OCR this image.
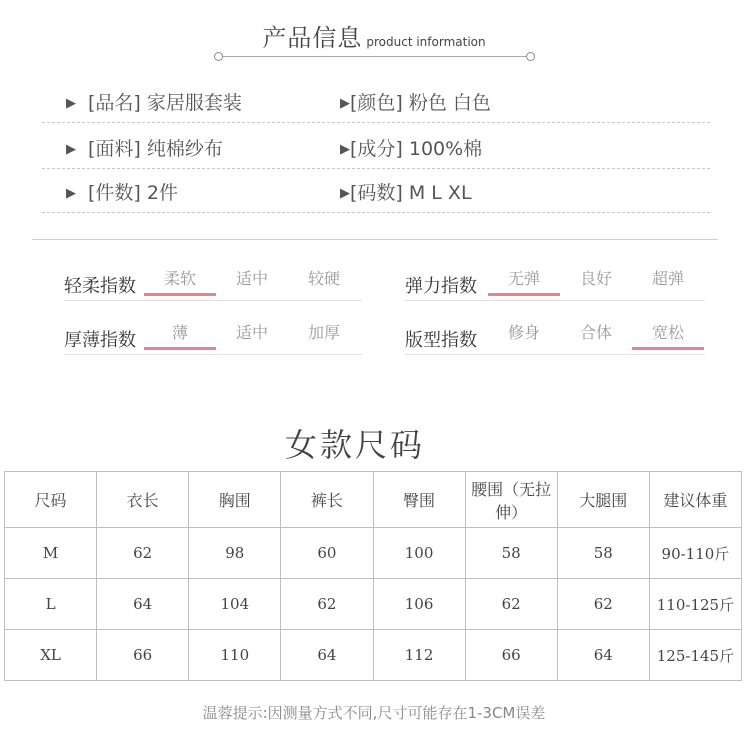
产品信息 product information
▶ [品名] 家居服套装	▶[颜色] 粉色 白色
▶ [面料] 纯棉纱布	▶[成分] 100%棉
▶ [件数] 2件	▶[码数] M L XL
轻柔指数	柔软	适中	较硬	弹力指数	无弹	良好	超弹
厚薄指数	薄	适中	加厚	版型指数	修身	合体	宽松
女款尺码
尺码	衣长	胸围	裤长	臀围	腰围（无拉伸）	大腿围	建议体重
M	62	98	60	100	58	58	90-110斤
L	64	104	62	106	62	62	110-125斤
XL	66	110	64	112	66	64	125-145斤
温蓉提示:因测量方式不同,尺寸可能存在1-3CM误差
